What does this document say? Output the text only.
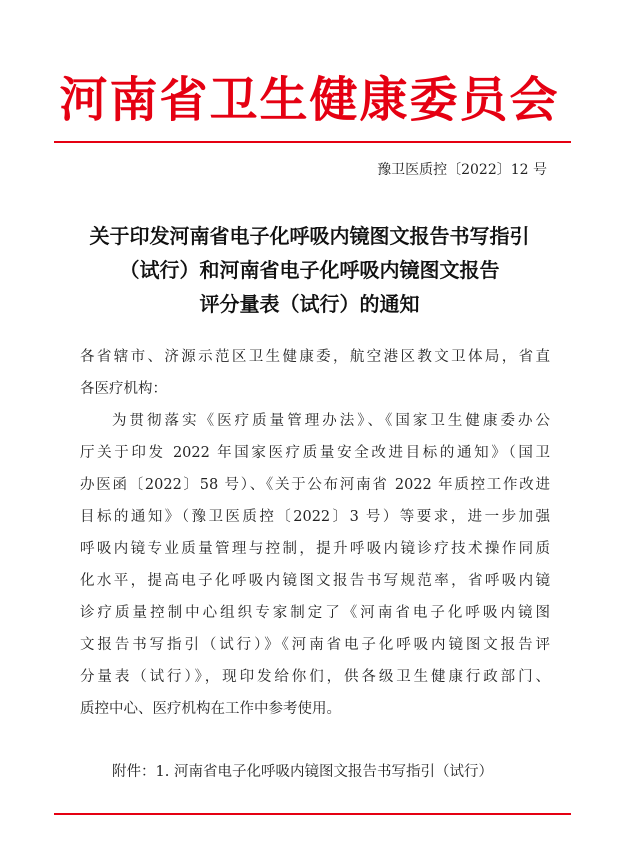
河南省卫生健康委员会
豫卫医质控〔2022〕12 号
关于印发河南省电子化呼吸内镜图文报告书写指引
（试行）和河南省电子化呼吸内镜图文报告
评分量表（试行）的通知
各省辖市、济源示范区卫生健康委，航空港区教文卫体局，省直
各医疗机构：
为贯彻落实《医疗质量管理办法》、《国家卫生健康委办公
厅关于印发 2022 年国家医疗质量安全改进目标的通知》（国卫
办医函〔2022〕58 号）、《关于公布河南省 2022 年质控工作改进
目标的通知》（豫卫医质控〔2022〕3 号）等要求，进一步加强
呼吸内镜专业质量管理与控制，提升呼吸内镜诊疗技术操作同质
化水平，提高电子化呼吸内镜图文报告书写规范率，省呼吸内镜
诊疗质量控制中心组织专家制定了《河南省电子化呼吸内镜图
文报告书写指引（试行）》《河南省电子化呼吸内镜图文报告评
分量表（试行）》，现印发给你们，供各级卫生健康行政部门、
质控中心、医疗机构在工作中参考使用。
附件：1. 河南省电子化呼吸内镜图文报告书写指引（试行）
